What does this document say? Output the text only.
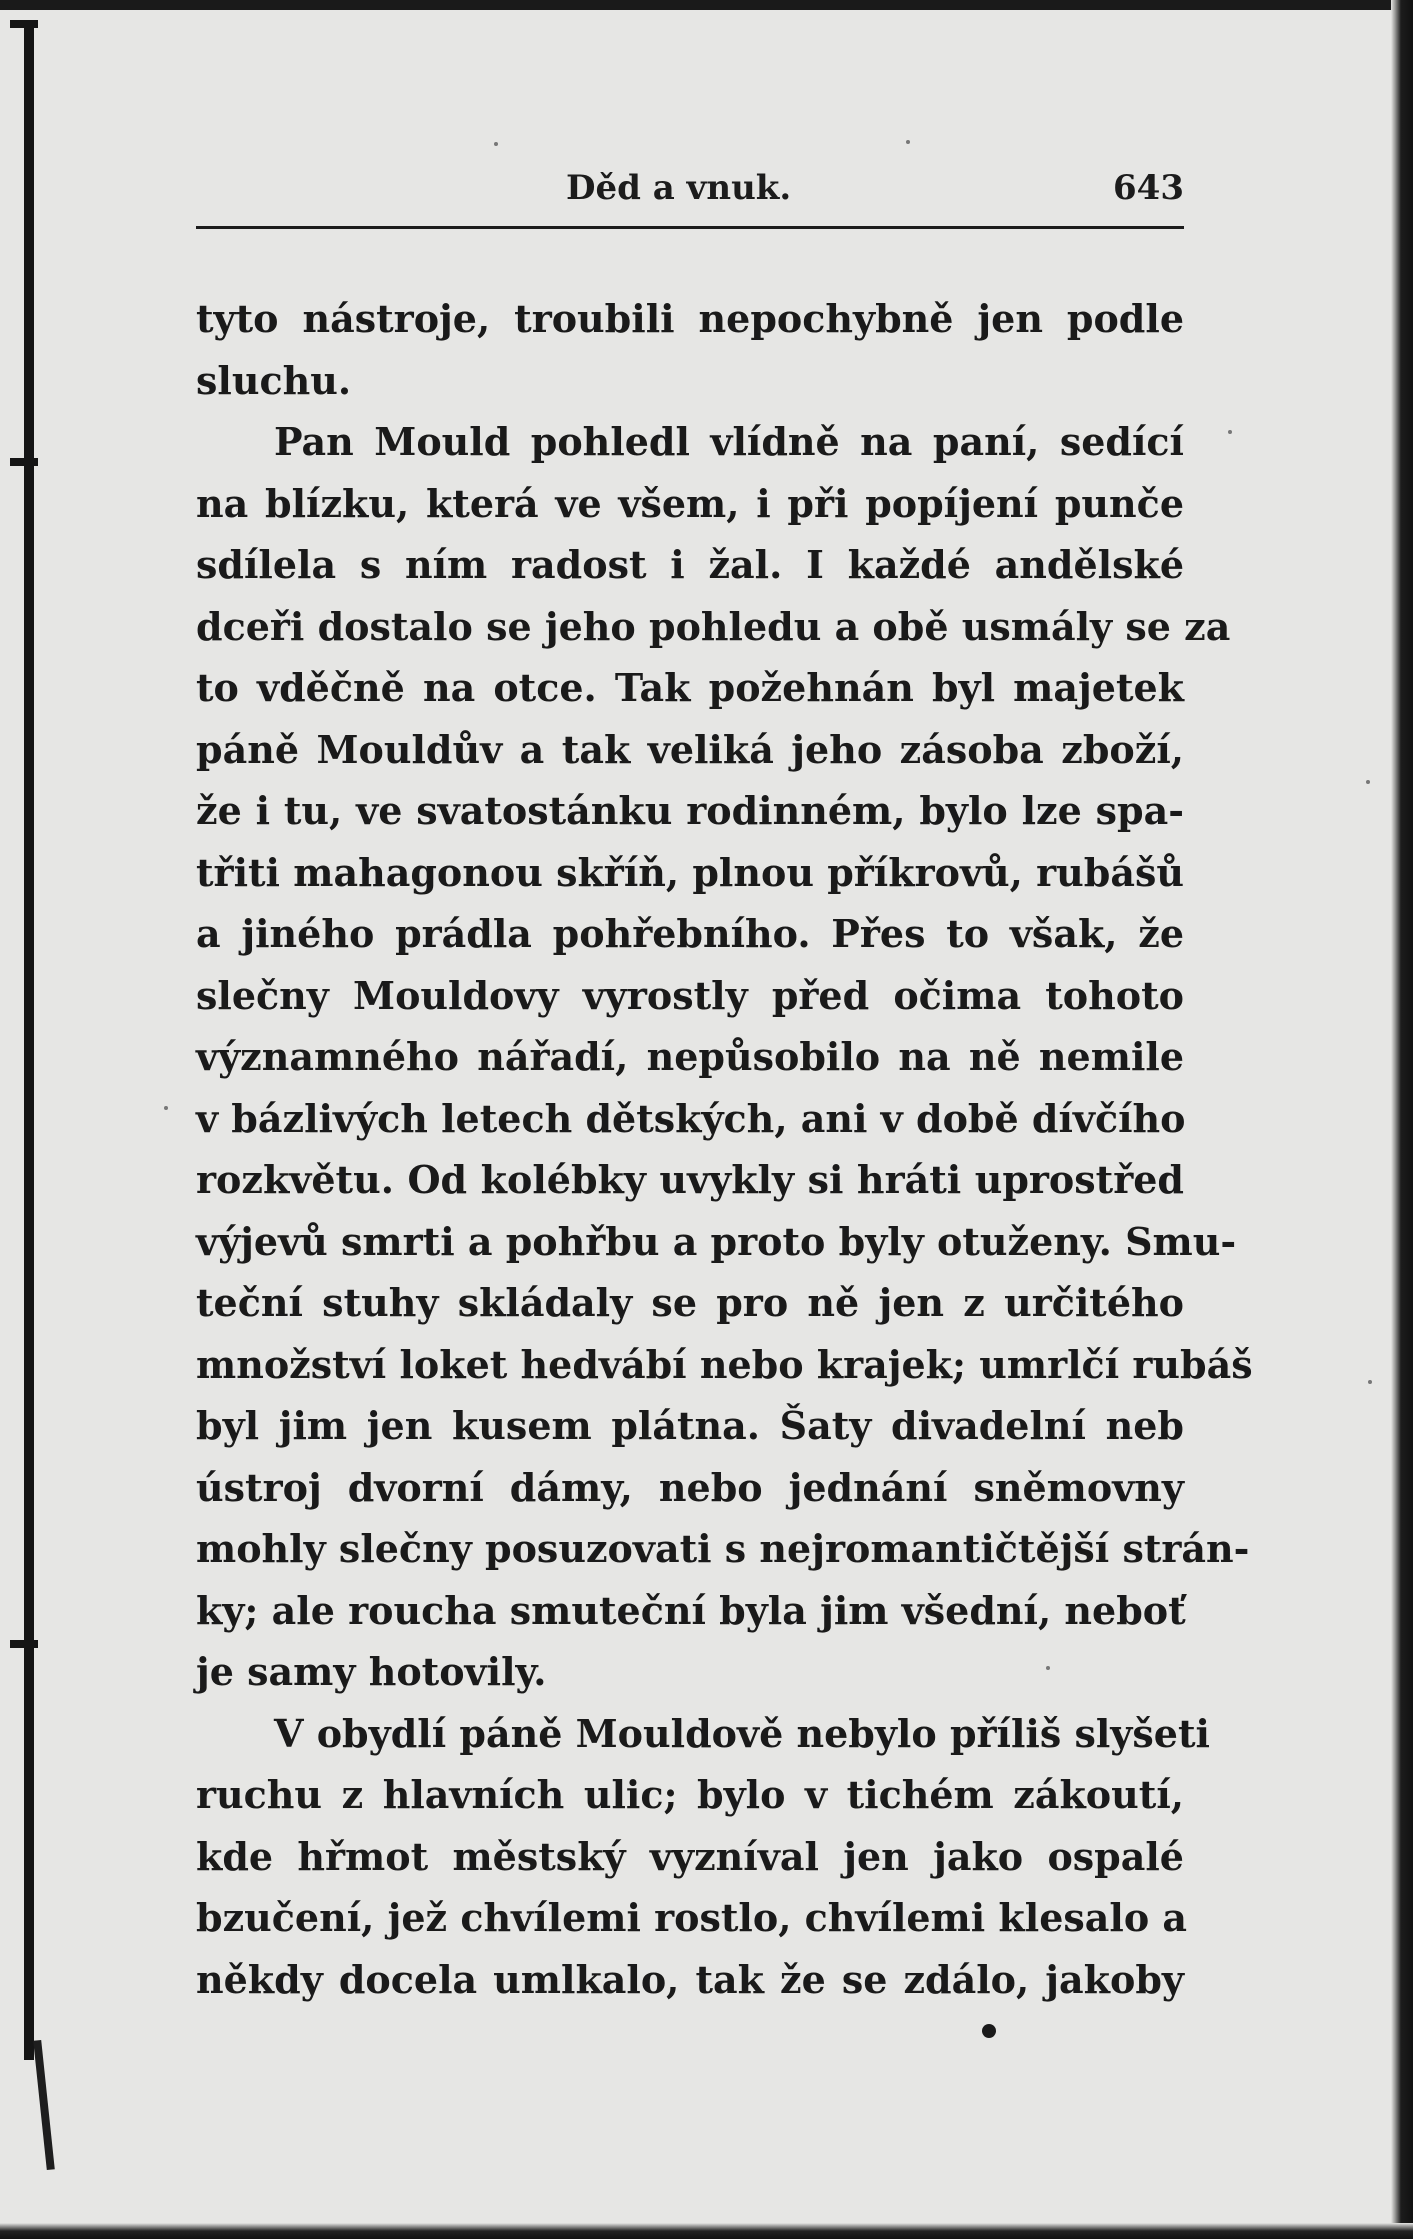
Děd a vnuk.	643
tyto nástroje, troubili nepochybně jen podle
sluchu.
Pan Mould pohledl vlídně na paní, sedící
na blízku, která ve všem, i při popíjení punče
sdílela s ním radost i žal. I každé andělské
dceři dostalo se jeho pohledu a obě usmály se za
to vděčně na otce. Tak požehnán byl majetek
páně Mouldův a tak veliká jeho zásoba zboží,
že i tu, ve svatostánku rodinném, bylo lze spa-
třiti mahagonou skříň, plnou příkrovů, rubášů
a jiného prádla pohřebního. Přes to však, že
slečny Mouldovy vyrostly před očima tohoto
významného nářadí, nepůsobilo na ně nemile
v bázlivých letech dětských, ani v době dívčího
rozkvětu. Od kolébky uvykly si hráti uprostřed
výjevů smrti a pohřbu a proto byly otuženy. Smu-
teční stuhy skládaly se pro ně jen z určitého
množství loket hedvábí nebo krajek; umrlčí rubáš
byl jim jen kusem plátna. Šaty divadelní neb
ústroj dvorní dámy, nebo jednání sněmovny
mohly slečny posuzovati s nejromantičtější strán-
ky; ale roucha smuteční byla jim všední, neboť
je samy hotovily.
V obydlí páně Mouldově nebylo příliš slyšeti
ruchu z hlavních ulic; bylo v tichém zákoutí,
kde hřmot městský vyzníval jen jako ospalé
bzučení, jež chvílemi rostlo, chvílemi klesalo a
někdy docela umlkalo, tak že se zdálo, jakoby
